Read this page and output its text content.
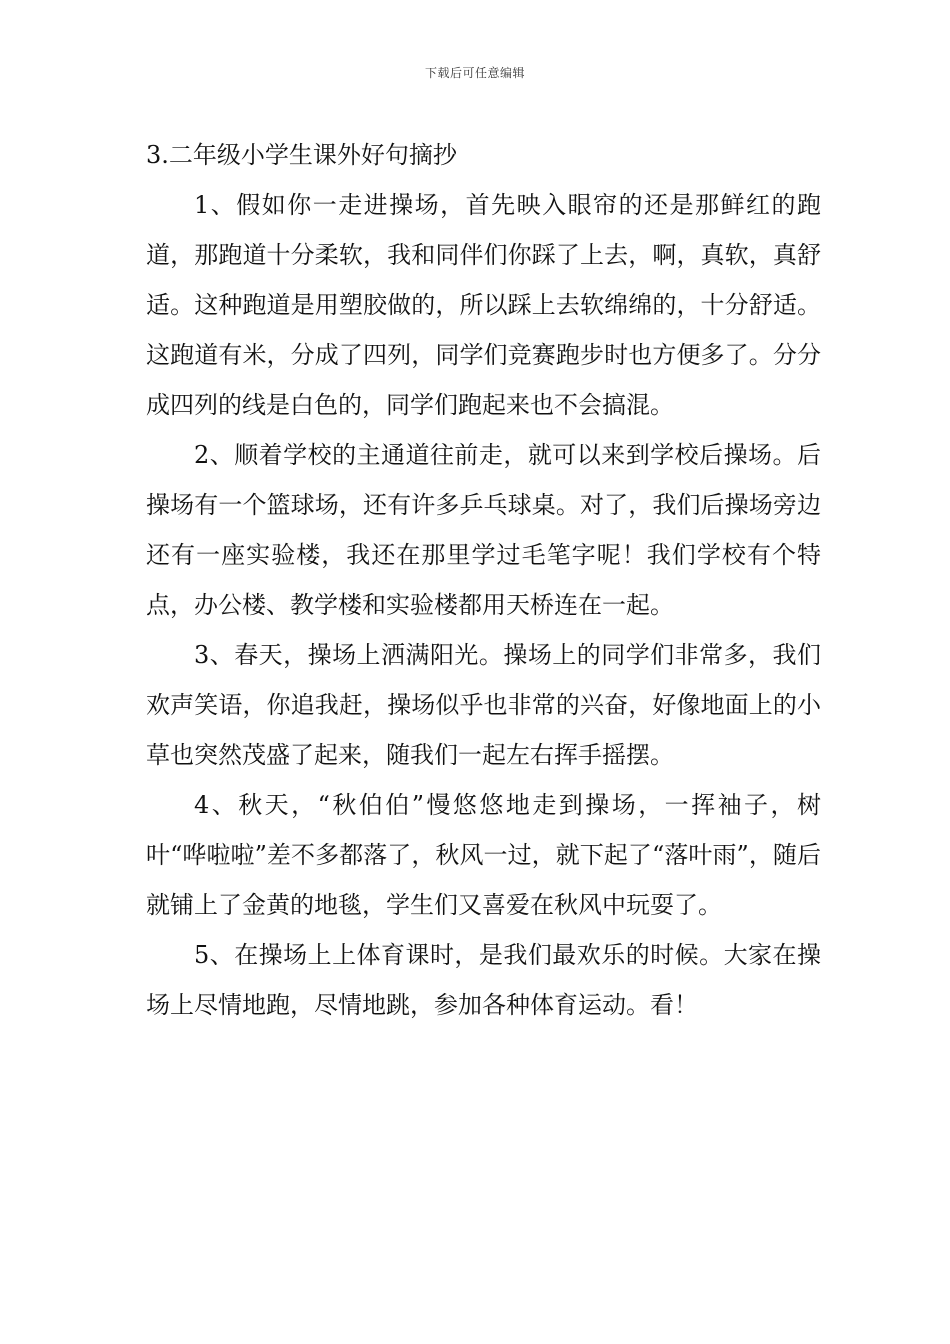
下载后可任意编辑
3.二年级小学生课外好句摘抄

1、假如你一走进操场，首先映入眼帘的还是那鲜红的跑道，那跑道十分柔软，我和同伴们你踩了上去，啊，真软，真舒适。这种跑道是用塑胶做的，所以踩上去软绵绵的，十分舒适。这跑道有米，分成了四列，同学们竞赛跑步时也方便多了。分分成四列的线是白色的，同学们跑起来也不会搞混。

2、顺着学校的主通道往前走，就可以来到学校后操场。后操场有一个篮球场，还有许多乒乓球桌。对了，我们后操场旁边还有一座实验楼，我还在那里学过毛笔字呢！我们学校有个特点，办公楼、教学楼和实验楼都用天桥连在一起。

3、春天，操场上洒满阳光。操场上的同学们非常多，我们欢声笑语，你追我赶，操场似乎也非常的兴奋，好像地面上的小草也突然茂盛了起来，随我们一起左右挥手摇摆。

4、秋天，“秋伯伯”慢悠悠地走到操场，一挥袖子，树叶“哗啦啦”差不多都落了，秋风一过，就下起了“落叶雨”，随后就铺上了金黄的地毯，学生们又喜爱在秋风中玩耍了。

5、在操场上上体育课时，是我们最欢乐的时候。大家在操场上尽情地跑，尽情地跳，参加各种体育运动。看！
